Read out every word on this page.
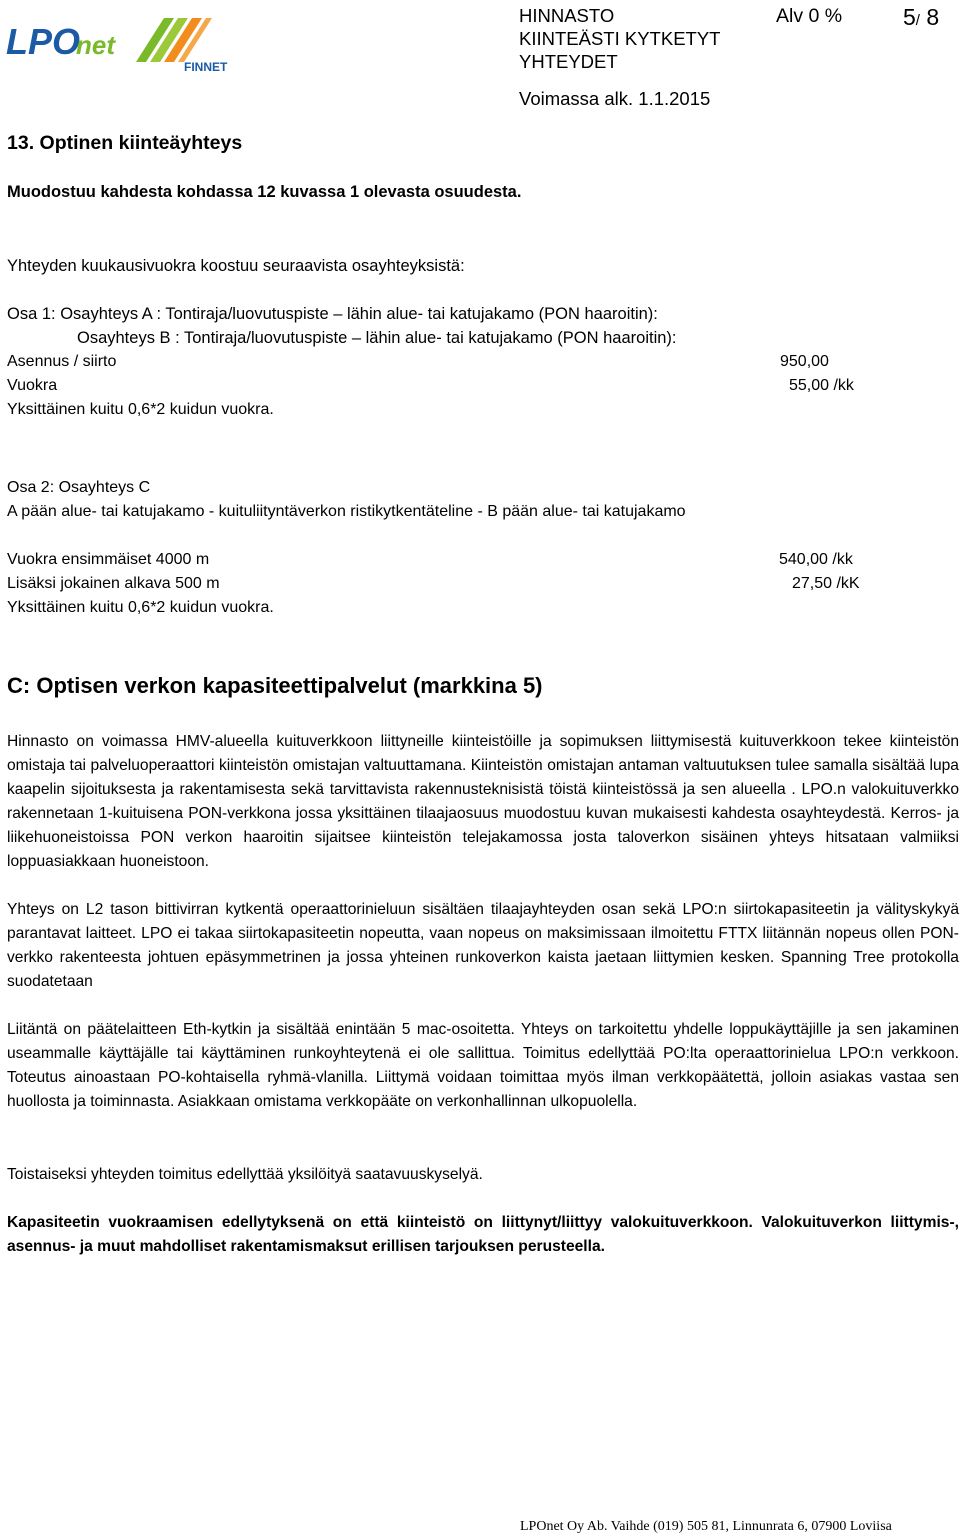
LPO
net
FINNET
HINNASTO
KIINTEÄSTI KYTKETYT
YHTEYDET
Voimassa alk. 1.1.2015
Alv 0 %	5/ 8
13. Optinen kiinteäyhteys
Muodostuu kahdesta kohdassa 12 kuvassa 1 olevasta osuudesta.
Yhteyden kuukausivuokra koostuu seuraavista osayhteyksistä:
Osa 1: Osayhteys A : Tontiraja/luovutuspiste – lähin alue- tai katujakamo (PON haaroitin):
Osayhteys B : Tontiraja/luovutuspiste – lähin alue- tai katujakamo (PON haaroitin):
Asennus / siirto	950,00
Vuokra	55,00 /kk
Yksittäinen kuitu 0,6*2 kuidun vuokra.
Osa 2: Osayhteys C
A pään alue- tai katujakamo - kuituliityntäverkon ristikytkentäteline - B pään alue- tai katujakamo
Vuokra ensimmäiset 4000 m	540,00 /kk
Lisäksi jokainen alkava 500 m	27,50 /kK
Yksittäinen kuitu 0,6*2 kuidun vuokra.
C: Optisen verkon kapasiteettipalvelut (markkina 5)

Hinnasto on voimassa HMV-alueella kuituverkkoon liittyneille kiinteistöille ja sopimuksen liittymisestä kuituverkkoon tekee kiinteistön omistaja tai palveluoperaattori kiinteistön omistajan valtuuttamana. Kiinteistön omistajan antaman valtuutuksen tulee samalla sisältää lupa kaapelin sijoituksesta ja rakentamisesta sekä tarvittavista rakennusteknisistä töistä kiinteistössä ja sen alueella . LPO.n valokuituverkko rakennetaan 1-kuituisena PON-verkkona jossa yksittäinen tilaajaosuus muodostuu kuvan mukaisesti kahdesta osayhteydestä. Kerros- ja liikehuoneistoissa PON verkon haaroitin sijaitsee kiinteistön telejakamossa josta taloverkon sisäinen yhteys hitsataan valmiiksi loppuasiakkaan huoneistoon.

Yhteys on L2 tason bittivirran kytkentä operaattorinieluun sisältäen tilaajayhteyden osan sekä LPO:n siirtokapasiteetin ja välityskykyä parantavat laitteet. LPO ei takaa siirtokapasiteetin nopeutta, vaan nopeus on maksimissaan ilmoitettu FTTX liitännän nopeus ollen PON-verkko rakenteesta johtuen epäsymmetrinen ja jossa yhteinen runkoverkon kaista jaetaan liittymien kesken. Spanning Tree protokolla suodatetaan

Liitäntä on päätelaitteen Eth-kytkin ja sisältää enintään 5 mac-osoitetta. Yhteys on tarkoitettu yhdelle loppukäyttäjille ja sen jakaminen useammalle käyttäjälle tai käyttäminen runkoyhteytenä ei ole sallittua. Toimitus edellyttää PO:lta operaattorinielua LPO:n verkkoon. Toteutus ainoastaan PO-kohtaisella ryhmä-vlanilla. Liittymä voidaan toimittaa myös ilman verkkopäätettä, jolloin asiakas vastaa sen huollosta ja toiminnasta. Asiakkaan omistama verkkopääte on verkonhallinnan ulkopuolella.

Toistaiseksi yhteyden toimitus edellyttää yksilöityä saatavuuskyselyä.

Kapasiteetin vuokraamisen edellytyksenä on että kiinteistö on liittynyt/liittyy valokuituverkkoon. Valokuituverkon liittymis-, asennus- ja muut mahdolliset rakentamismaksut erillisen tarjouksen perusteella.

LPOnet Oy Ab. Vaihde (019) 505 81, Linnunrata 6, 07900 Loviisa
